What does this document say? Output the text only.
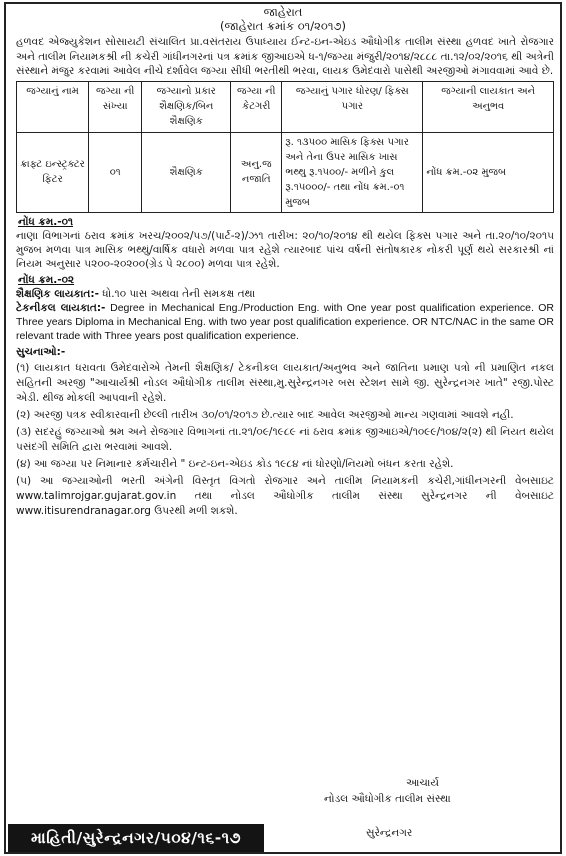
જાહેરાત
(જાહેરાત ક્રમાંક ૦૧/૨૦૧૭)
હળવદ એજ્યુકેશન સોસાયટી સંચાલિત પ્રા.વસંતરાય ઉપાધ્યાય ઈન્ટ-ઇન-એઇડ ઔધોગીક તાલીમ સંસ્થા હળવદ ખાતે રોજગાર અને તાલીમ નિયામકશ્રી ની કચેરી ગાંધીનગરનાં પત્ર ક્રમાંક જીઆઇએ ધ-૧/જગ્યા મંજુરી/૨૦૧૪/૨૮૮૮ તા.૧૨/૦૨/૨૦૧૬ થી અત્રેની સંસ્થાને મંજુર કરવામાં આવેલ નીચે દર્શાવેલ જગ્યા સીધી ભરતીથી ભરવા, લાયક ઉમેદવારો પાસેથી અરજીઓ મંગાવવામાં આવે છે.
જગ્યાનું નામ	જગ્યા ની સંખ્યા	જગ્યાનો પ્રકાર શૈક્ષણિક/બિન શૈક્ષણિક	જગ્યા ની કેટગરી	જગ્યાનું પગાર ધોરણ/ ફિક્સ પગાર	જગ્યાની લાયકાત અને અનુભવ
ક્રાફ્ટ ઇન્સ્ટ્રક્ટર ફિટર	૦૧	શૈક્ષણિક	અનુ.જ નજાતિ	રૂ. ૧૩૫૦૦ માસિક ફિક્સ પગાર અને તેના ઉપર માસિક ખાસ ભથ્થુ રૂ.૧૫૦૦/- મળીને કુલ રૂ.૧૫૦૦૦/- તથા નોંધ ક્રમ.-૦૧ મુજબ	નોંધ ક્રમ.-૦૨ મુજબ
નોંધ ક્રમ.-૦૧
નાણા વિભાગનાં ઠરાવ ક્રમાંક ખરચ/૨૦૦૨/૫૭/(પાર્ટ-૨)/ઝ૧ તારીખ: ૨૦/૧૦/૨૦૧૪ થી થયેલ ફિક્સ પગાર અને તા.૨૦/૧૦/૨૦૧૫ મુજબ મળવા પાત્ર માસિક ભથ્થું/વાર્ષિક વધારો મળવા પાત્ર રહેશે ત્યારબાદ પાંચ વર્ષની સંતોષકારક નોકરી પૂર્ણ થયે સરકારશ્રી નાં નિયમ અનુસાર ૫૨૦૦-૨૦૨૦૦(ગ્રેડ પે ૨૮૦૦) મળવા પાત્ર રહેશે.
નોંધ ક્રમ.-૦૨
શૈક્ષણિક લાયકાત:- ધો.૧૦ પાસ અથવા તેની સમકક્ષ તથા
ટેકનીકલ લાયકાત:- Degree in Mechanical Eng./Production Eng. with One year post qualification experience. OR Three years Diploma in Mechanical Eng. with two year post qualification experience. OR NTC/NAC in the same OR relevant trade with Three years post qualification experience.
સુચનાઓ:-
(૧) લાયકાત ધરાવતા ઉમેદવારોએ તેમની શૈક્ષણિક/ ટેકનીકલ લાયકાત/અનુભવ અને જાતિના પ્રમાણ પત્રો ની પ્રમાણિત નકલ સહિતની અરજી "આચાર્યશ્રી નોડલ ઔધોગીક તાલીમ સંસ્થા,મુ.સુરેન્દ્રનગર બસ સ્ટેશન સામે જી. સુરેન્દ્રનગર ખાતે" રજી.પોસ્ટ એડી. થીજ મોકલી આપવાની રહેશે.
(૨) અરજી પત્રક સ્વીકારવાની છેલ્લી તારીખ ૩૦/૦૧/૨૦૧૭ છે.ત્યાર બાદ આવેલ અરજીઓ માન્ય ગણવામાં આવશે નહી.
(૩) સદરહું જગ્યાઓ શ્રમ અને રોજગાર વિભાગનાં તા.૨૧/૦૯/૧૯૮૯ નાં ઠરાવ ક્રમાંક જીઆઇએ/૧૦૯૯/૧૦૪/૨(૨) થી નિયત થયેલ પસંદગી સમિતિ દ્વારા ભરવામાં આવશે.
(૪) આ જગ્યા પર નિમાનાર કર્મચારીને " ઇન્ટ-ઇન-એઇડ કોડ ૧૯૮૪ નાં ધોરણો/નિયમો બંધન કરતા રહેશે.
(૫) આ જગ્યાઓની ભરતી અંગેની વિસ્તૃત વિગતો રોજગાર અને તાલીમ નિયામકની કચેરી,ગાંધીનગરની વેબસાઇટ www.talimrojgar.gujarat.gov.in તથા નોડલ ઔધોગીક તાલીમ સંસ્થા સુરેન્દ્રનગર ની વેબસાઇટ www.itisurendranagar.org ઉપરથી મળી શકશે.
આચાર્ય
નોડલ ઔધોગીક તાલીમ સંસ્થા
સુરેન્દ્રનગર
માહિતી/સુરેન્દ્રનગર/૫૦૪/૧૬-૧૭
